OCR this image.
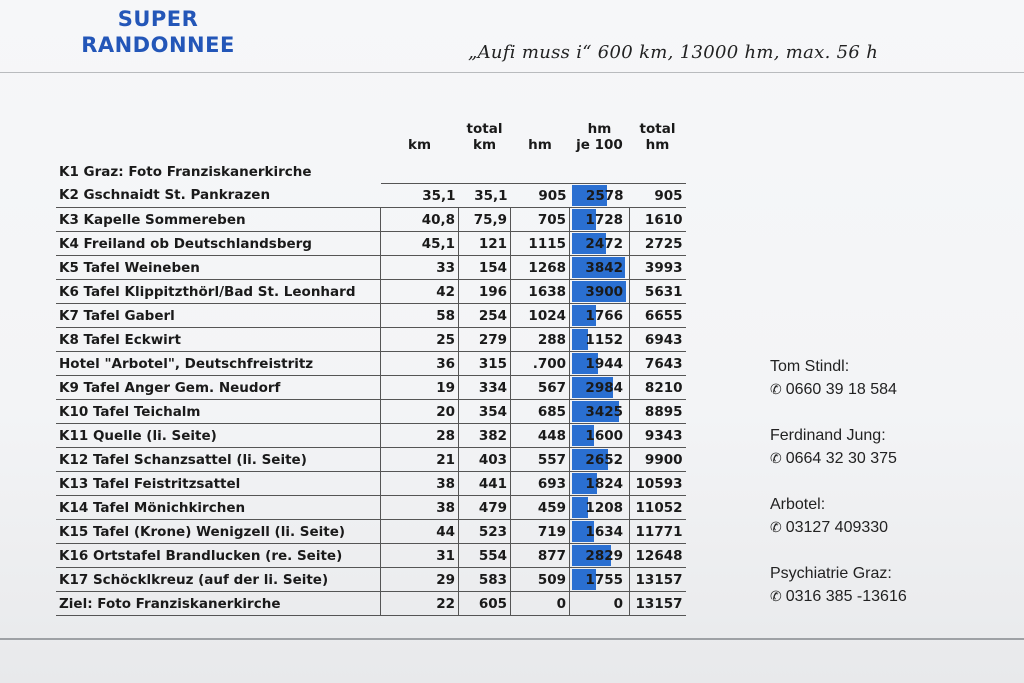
SUPER
RANDONNEE	„Aufi muss i“ 600 km, 13000 hm, max. 56 h
		total		hm	total
	km	km	hm	je 100	hm
K1 Graz: Foto Franziskanerkirche					
K2 Gschnaidt St. Pankrazen	35,1	35,1	905	2578	905
K3 Kapelle Sommereben	40,8	75,9	705	1728	1610
K4 Freiland ob Deutschlandsberg	45,1	121	1115	2472	2725
K5 Tafel Weineben	33	154	1268	3842	3993
K6 Tafel Klippitzthörl/Bad St. Leonhard	42	196	1638	3900	5631
K7 Tafel Gaberl	58	254	1024	1766	6655
K8 Tafel Eckwirt	25	279	288	1152	6943
Hotel "Arbotel", Deutschfreistritz	36	315	.700	1944	7643
K9 Tafel Anger Gem. Neudorf	19	334	567	2984	8210
K10 Tafel Teichalm	20	354	685	3425	8895
K11 Quelle (li. Seite)	28	382	448	1600	9343
K12 Tafel Schanzsattel (li. Seite)	21	403	557	2652	9900
K13 Tafel Feistritzsattel	38	441	693	1824	10593
K14 Tafel Mönichkirchen	38	479	459	1208	11052
K15 Tafel (Krone) Wenigzell (li. Seite)	44	523	719	1634	11771
K16 Ortstafel Brandlucken (re. Seite)	31	554	877	2829	12648
K17 Schöcklkreuz (auf der li. Seite)	29	583	509	1755	13157
Ziel: Foto Franziskanerkirche	22	605	0	0	13157
Tom Stindl:
✆ 0660 39 18 584
Ferdinand Jung:
✆ 0664 32 30 375
Arbotel:
✆ 03127 409330
Psychiatrie Graz:
✆ 0316 385 -13616
